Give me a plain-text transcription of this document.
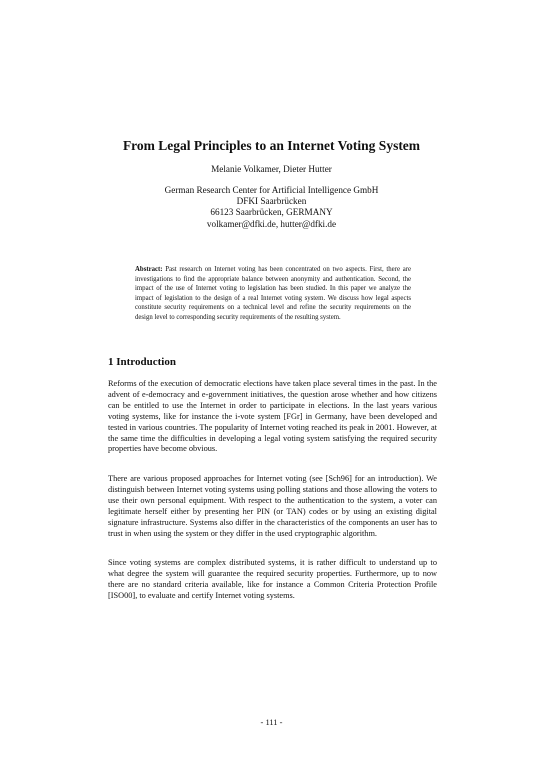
From Legal Principles to an Internet Voting System
Melanie Volkamer, Dieter Hutter
German Research Center for Artificial Intelligence GmbH
DFKI Saarbrücken
66123 Saarbrücken, GERMANY
volkamer@dfki.de, hutter@dfki.de
Abstract: Past research on Internet voting has been concentrated on two aspects. First, there are investigations to find the appropriate balance between anonymity and authentication. Second, the impact of the use of Internet voting to legislation has been studied. In this paper we analyze the impact of legislation to the design of a real Internet voting system. We discuss how legal aspects constitute security requirements on a technical level and refine the security requirements on the design level to corresponding security requirements of the resulting system.
1 Introduction
Reforms of the execution of democratic elections have taken place several times in the past. In the advent of e-democracy and e-government initiatives, the question arose whether and how citizens can be entitled to use the Internet in order to participate in elections. In the last years various voting systems, like for instance the i-vote system [FGr] in Germany, have been developed and tested in various countries. The popularity of Internet voting reached its peak in 2001. However, at the same time the difficulties in developing a legal voting system satisfying the required security properties have become obvious.
There are various proposed approaches for Internet voting (see [Sch96] for an introduction). We distinguish between Internet voting systems using polling stations and those allowing the voters to use their own personal equipment. With respect to the authentication to the system, a voter can legitimate herself either by presenting her PIN (or TAN) codes or by using an existing digital signature infrastructure. Systems also differ in the characteristics of the components an user has to trust in when using the system or they differ in the used cryptographic algorithm.
Since voting systems are complex distributed systems, it is rather difficult to understand up to what degree the system will guarantee the required security properties. Furthermore, up to now there are no standard criteria available, like for instance a Common Criteria Protection Profile [ISO00], to evaluate and certify Internet voting systems.
- 111 -
